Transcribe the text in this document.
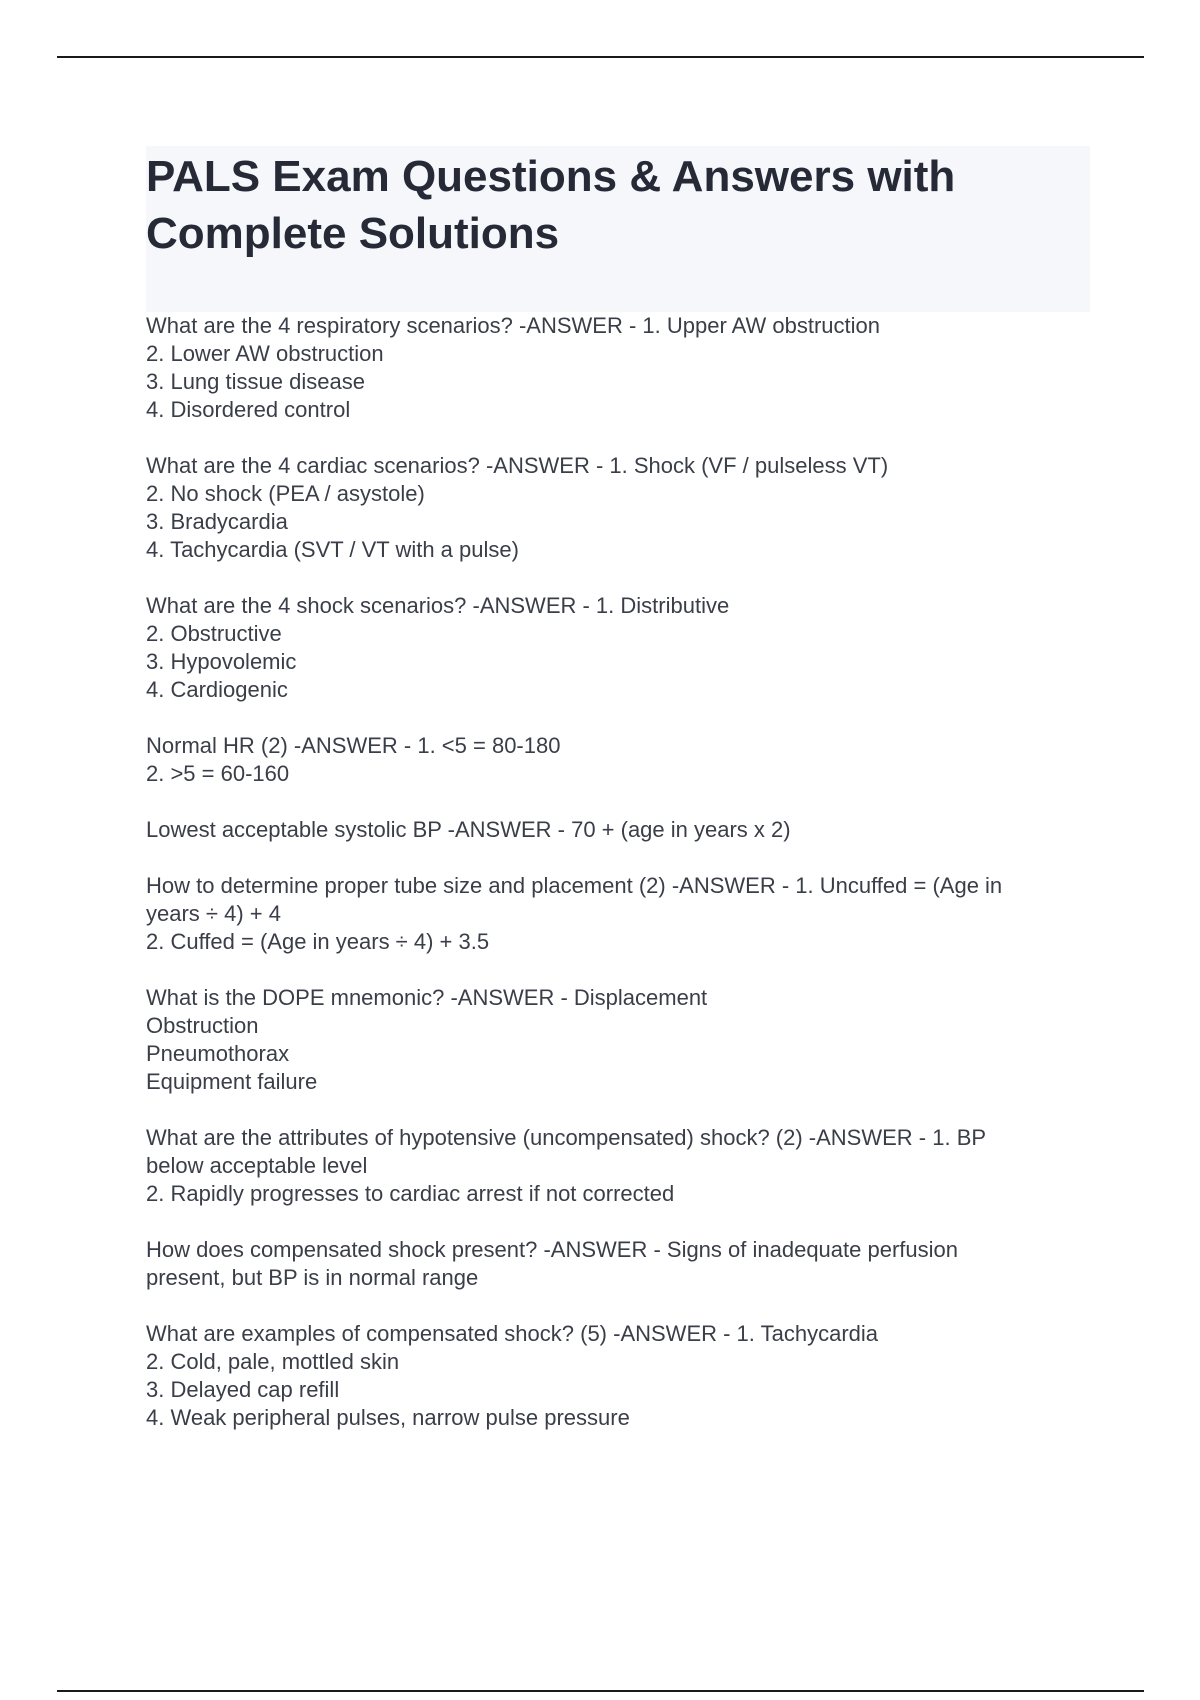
PALS Exam Questions & Answers with Complete Solutions
What are the 4 respiratory scenarios? -ANSWER - 1. Upper AW obstruction
2. Lower AW obstruction
3. Lung tissue disease
4. Disordered control
What are the 4 cardiac scenarios? -ANSWER - 1. Shock (VF / pulseless VT)
2. No shock (PEA / asystole)
3. Bradycardia
4. Tachycardia (SVT / VT with a pulse)
What are the 4 shock scenarios? -ANSWER - 1. Distributive
2. Obstructive
3. Hypovolemic
4. Cardiogenic
Normal HR (2) -ANSWER - 1. <5 = 80-180
2. >5 = 60-160
Lowest acceptable systolic BP -ANSWER - 70 + (age in years x 2)
How to determine proper tube size and placement (2) -ANSWER - 1. Uncuffed = (Age in
years ÷ 4) + 4
2. Cuffed = (Age in years ÷ 4) + 3.5
What is the DOPE mnemonic? -ANSWER - Displacement
Obstruction
Pneumothorax
Equipment failure
What are the attributes of hypotensive (uncompensated) shock? (2) -ANSWER - 1. BP
below acceptable level
2. Rapidly progresses to cardiac arrest if not corrected
How does compensated shock present? -ANSWER - Signs of inadequate perfusion
present, but BP is in normal range
What are examples of compensated shock? (5) -ANSWER - 1. Tachycardia
2. Cold, pale, mottled skin
3. Delayed cap refill
4. Weak peripheral pulses, narrow pulse pressure
